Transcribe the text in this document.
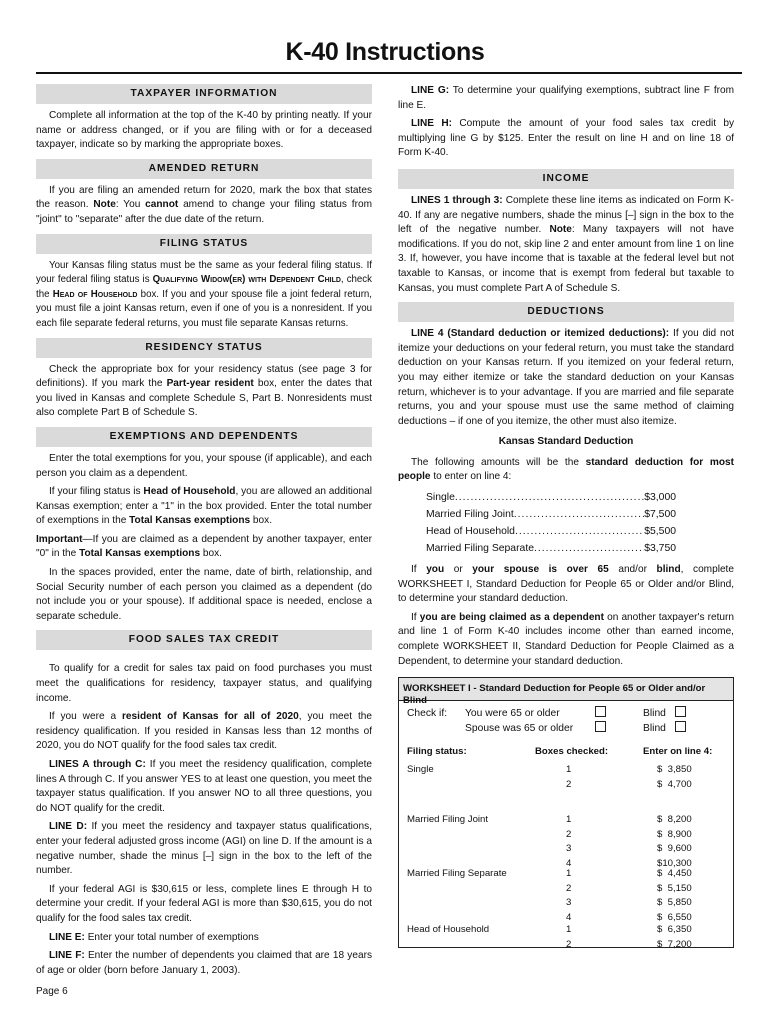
K-40 Instructions
TAXPAYER INFORMATION

Complete all information at the top of the K-40 by printing neatly. If your name or address changed, or if you are filing with or for a deceased taxpayer, indicate so by marking the appropriate boxes.

AMENDED RETURN

If you are filing an amended return for 2020, mark the box that states the reason. Note: You cannot amend to change your filing status from "joint" to "separate" after the due date of the return.

FILING STATUS

Your Kansas filing status must be the same as your federal filing status. If your federal filing status is Qualifying Widow(er) with Dependent Child, check the Head of Household box. If you and your spouse file a joint federal return, you must file a joint Kansas return, even if one of you is a nonresident. If you each file separate federal returns, you must file separate Kansas returns.

RESIDENCY STATUS

Check the appropriate box for your residency status (see page 3 for definitions). If you mark the Part-year resident box, enter the dates that you lived in Kansas and complete Schedule S, Part B. Nonresidents must also complete Part B of Schedule S.

EXEMPTIONS AND DEPENDENTS

Enter the total exemptions for you, your spouse (if applicable), and each person you claim as a dependent.

If your filing status is Head of Household, you are allowed an additional Kansas exemption; enter a "1" in the box provided. Enter the total number of exemptions in the Total Kansas exemptions box.

Important—If you are claimed as a dependent by another taxpayer, enter "0" in the Total Kansas exemptions box.

In the spaces provided, enter the name, date of birth, relationship, and Social Security number of each person you claimed as a dependent (do not include you or your spouse). If additional space is needed, enclose a separate schedule.

FOOD SALES TAX CREDIT

To qualify for a credit for sales tax paid on food purchases you must meet the qualifications for residency, taxpayer status, and qualifying income.

If you were a resident of Kansas for all of 2020, you meet the residency qualification. If you resided in Kansas less than 12 months of 2020, you do NOT qualify for the food sales tax credit.

LINES A through C: If you meet the residency qualification, complete lines A through C. If you answer YES to at least one question, you meet the taxpayer status qualification. If you answer NO to all three questions, you do NOT qualify for the credit.

LINE D: If you meet the residency and taxpayer status qualifications, enter your federal adjusted gross income (AGI) on line D. If the amount is a negative number, shade the minus [–] sign in the box to the left of the number.

If your federal AGI is $30,615 or less, complete lines E through H to determine your credit. If your federal AGI is more than $30,615, you do not qualify for the food sales tax credit.

LINE E: Enter your total number of exemptions

LINE F: Enter the number of dependents you claimed that are 18 years of age or older (born before January 1, 2003).

LINE G: To determine your qualifying exemptions, subtract line F from line E.

LINE H: Compute the amount of your food sales tax credit by multiplying line G by $125. Enter the result on line H and on line 18 of Form K-40.

INCOME

LINES 1 through 3: Complete these line items as indicated on Form K-40. If any are negative numbers, shade the minus [–] sign in the box to the left of the negative number. Note: Many taxpayers will not have modifications. If you do not, skip line 2 and enter amount from line 1 on line 3. If, however, you have income that is taxable at the federal level but not taxable to Kansas, or income that is exempt from federal but taxable to Kansas, you must complete Part A of Schedule S.

DEDUCTIONS

LINE 4 (Standard deduction or itemized deductions): If you did not itemize your deductions on your federal return, you must take the standard deduction on your Kansas return. If you itemized on your federal return, you may either itemize or take the standard deduction on your Kansas return, whichever is to your advantage. If you are married and file separate returns, you and your spouse must use the same method of claiming deductions – if one of you itemize, the other must also itemize.

Kansas Standard Deduction

The following amounts will be the standard deduction for most people to enter on line 4:

Single .....	$3,000
Married Filing Joint .....	$7,500
Head of Household .....	$5,500
Married Filing Separate .....	$3,750

If you or your spouse is over 65 and/or blind, complete WORKSHEET I, Standard Deduction for People 65 or Older and/or Blind, to determine your standard deduction.

If you are being claimed as a dependent on another taxpayer's return and line 1 of Form K-40 includes income other than earned income, complete WORKSHEET II, Standard Deduction for People Claimed as a Dependent, to determine your standard deduction.

WORKSHEET I - Standard Deduction for People 65 or Older and/or Blind
Check if: You were 65 or older	Blind
Spouse was 65 or older	Blind
Filing status:	Boxes checked:	Enter on line 4:
Single	1	$  3,850
2	$  4,700
Married Filing Joint	1	$  8,200
2	$  8,900
3	$  9,600
4	$10,300
Married Filing Separate	1	$  4,450
2	$  5,150
3	$  5,850
4	$  6,550
Head of Household	1	$  6,350
2	$  7,200
Page 6
